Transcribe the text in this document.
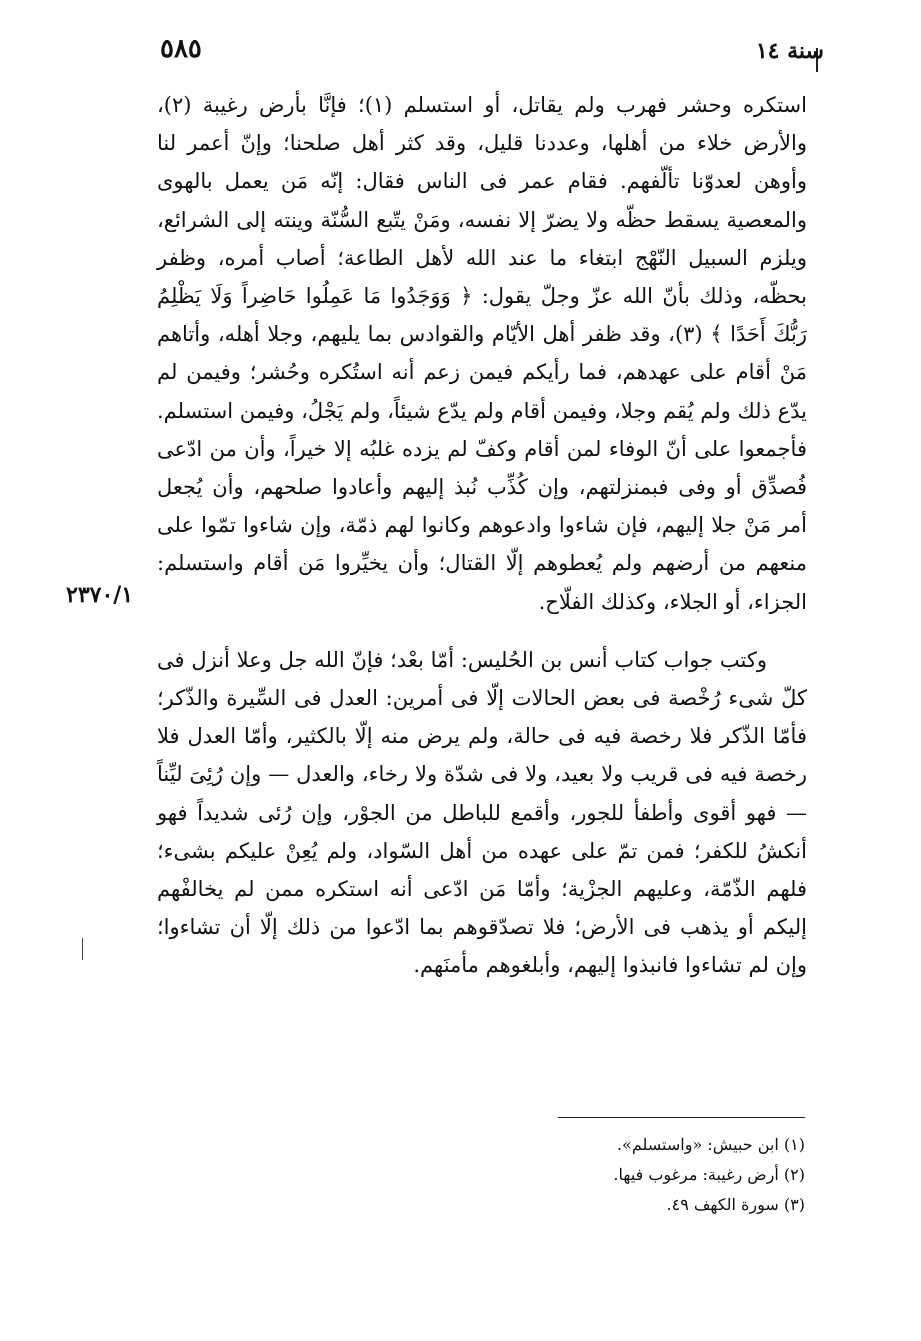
٥٨٥	سنة ١٤
٢٣٧٠/١

استكره وحشر فهرب ولم يقاتل، أو استسلم (١)؛ فإنَّا بأرض رغيبة (٢)، والأرض خلاء من أهلها، وعددنا قليل، وقد كثر أهل صلحنا؛ وإنّ أعمر لنا وأوهن لعدوّنا تألّفهم. فقام عمر فى الناس فقال: إنّه مَن يعمل بالهوى والمعصية يسقط حظّه ولا يضرّ إلا نفسه، ومَنْ يتّبع السُّنّة وينته إلى الشرائع، ويلزم السبيل النّهْج ابتغاء ما عند الله لأهل الطاعة؛ أصاب أمره، وظفر بحظّه، وذلك بأنّ الله عزّ وجلّ يقول: ﴿ وَوَجَدُوا مَا عَمِلُوا حَاضِراً وَلَا يَظْلِمُ رَبُّكَ أَحَدًا ﴾ (٣)، وقد ظفر أهل الأيّام والقوادس بما يليهم، وجلا أهله، وأتاهم مَنْ أقام على عهدهم، فما رأيكم فيمن زعم أنه استُكره وحُشر؛ وفيمن لم يدّع ذلك ولم يُقم وجلا، وفيمن أقام ولم يدّع شيئاً، ولم يَجْلُ، وفيمن استسلم. فأجمعوا على أنّ الوفاء لمن أقام وكفّ لم يزده غلبُه إلا خيراً، وأن من ادّعى فُصدِّق أو وفى فبمنزلتهم، وإن كُذِّب نُبذ إليهم وأعادوا صلحهم، وأن يُجعل أمر مَنْ جلا إليهم، فإن شاءوا وادعوهم وكانوا لهم ذمّة، وإن شاءوا تمّوا على منعهم من أرضهم ولم يُعطوهم إلّا القتال؛ وأن يخيِّروا مَن أقام واستسلم: الجزاء، أو الجلاء، وكذلك الفلّاح.

وكتب جواب كتاب أنس بن الحُليس: أمّا بعْد؛ فإنّ الله جل وعلا أنزل فى كلّ شىء رُخْصة فى بعض الحالات إلّا فى أمرين: العدل فى السِّيرة والذّكر؛ فأمّا الذّكر فلا رخصة فيه فى حالة، ولم يرض منه إلّا بالكثير، وأمّا العدل فلا رخصة فيه فى قريب ولا بعيد، ولا فى شدّة ولا رخاء، والعدل — وإن رُئِىَ ليِّناً — فهو أقوى وأطفأ للجور، وأقمع للباطل من الجوْر، وإن رُئى شديداً فهو أنكشُ للكفر؛ فمن تمّ على عهده من أهل السّواد، ولم يُعِنْ عليكم بشىء؛ فلهم الذّمّة، وعليهم الجزْية؛ وأمّا مَن ادّعى أنه استكره ممن لم يخالفْهم إليكم أو يذهب فى الأرض؛ فلا تصدّقوهم بما ادّعوا من ذلك إلّا أن تشاءوا؛ وإن لم تشاءوا فانبذوا إليهم، وأبلغوهم مأمنَهم.

(١) ابن حبيش: «واستسلم».
(٢) أرض رغيبة: مرغوب فيها.
(٣) سورة الكهف ٤٩.
